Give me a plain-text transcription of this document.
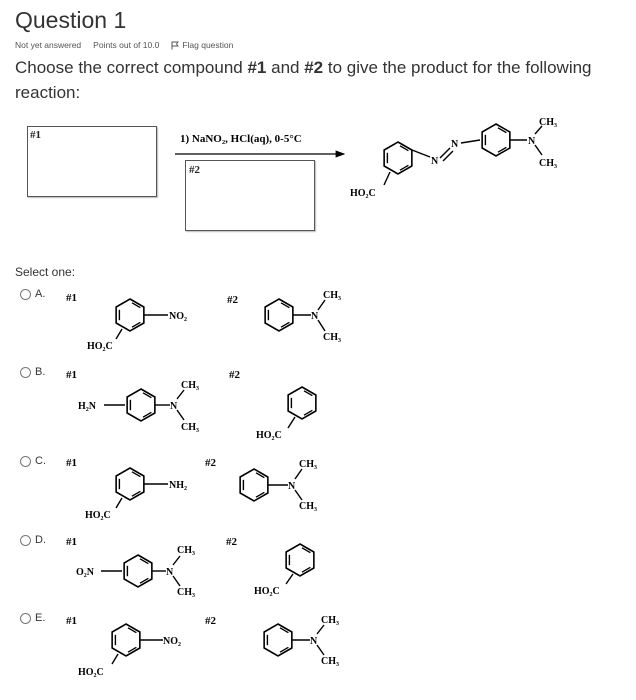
Question 1
Not yet answered Points out of 10.0	Flag question

Choose the correct compound #1 and #2 to give the product for the following reaction:

#1
#2
1) NaNO₂, HCl(aq), 0-5°C
N
N	N
CH₃
CH₃
HO₂C
#1
NO₂
HO₂C
#2
N
CH₃
CH₃
#1
H₂N	N
CH₃
CH₃
#2
HO₂C
#1
NH₂
HO₂C
#2
N
CH₃
CH₃
#1
O₂N	N
CH₃
CH₃
#2
HO₂C
#1
NO₂
HO₂C
#2
N
CH₃
CH₃
Select one:
A.
B.
C.
D.
E.
